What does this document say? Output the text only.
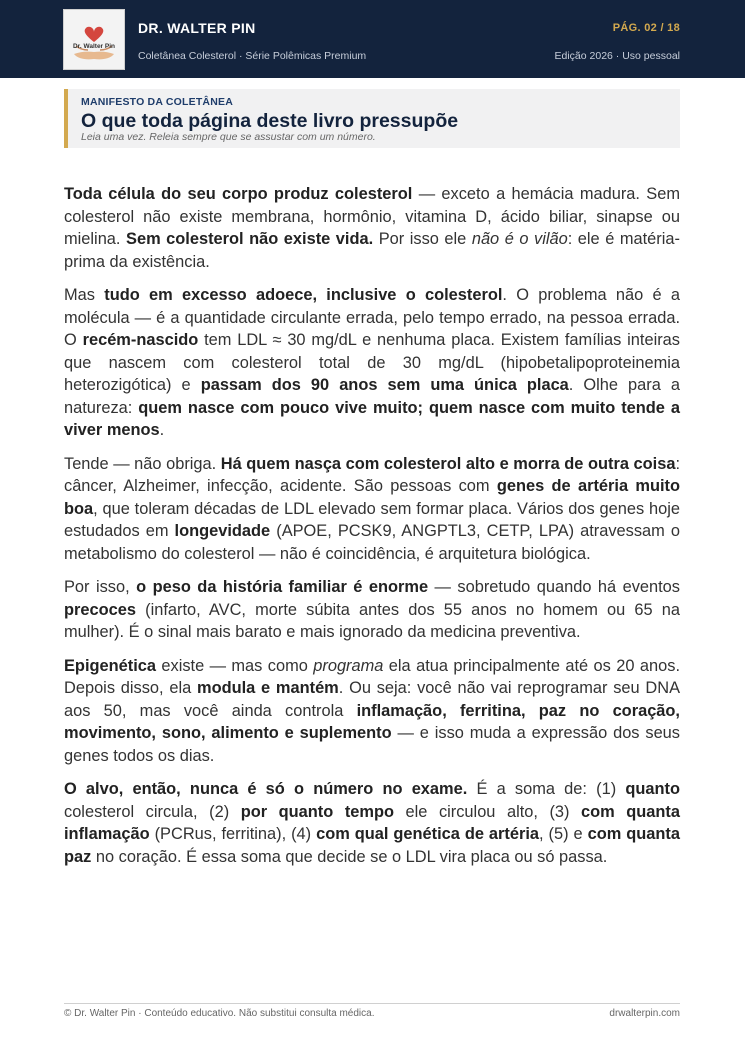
Dr. Walter Pin
DR. WALTER PIN
Coletânea Colesterol · Série Polêmicas Premium
PÁG. 02 / 18
Edição 2026 · Uso pessoal
MANIFESTO DA COLETÂNEA
O que toda página deste livro pressupõe
Leia uma vez. Releia sempre que se assustar com um número.

Toda célula do seu corpo produz colesterol — exceto a hemácia madura. Sem colesterol não existe membrana, hormônio, vitamina D, ácido biliar, sinapse ou mielina. Sem colesterol não existe vida. Por isso ele não é o vilão: ele é matéria-prima da existência.

Mas tudo em excesso adoece, inclusive o colesterol. O problema não é a molécula — é a quantidade circulante errada, pelo tempo errado, na pessoa errada. O recém-nascido tem LDL ≈ 30 mg/dL e nenhuma placa. Existem famílias inteiras que nascem com colesterol total de 30 mg/dL (hipobetalipoproteinemia heterozigótica) e passam dos 90 anos sem uma única placa. Olhe para a natureza: quem nasce com pouco vive muito; quem nasce com muito tende a viver menos.

Tende — não obriga. Há quem nasça com colesterol alto e morra de outra coisa: câncer, Alzheimer, infecção, acidente. São pessoas com genes de artéria muito boa, que toleram décadas de LDL elevado sem formar placa. Vários dos genes hoje estudados em longevidade (APOE, PCSK9, ANGPTL3, CETP, LPA) atravessam o metabolismo do colesterol — não é coincidência, é arquitetura biológica.

Por isso, o peso da história familiar é enorme — sobretudo quando há eventos precoces (infarto, AVC, morte súbita antes dos 55 anos no homem ou 65 na mulher). É o sinal mais barato e mais ignorado da medicina preventiva.

Epigenética existe — mas como programa ela atua principalmente até os 20 anos. Depois disso, ela modula e mantém. Ou seja: você não vai reprogramar seu DNA aos 50, mas você ainda controla inflamação, ferritina, paz no coração, movimento, sono, alimento e suplemento — e isso muda a expressão dos seus genes todos os dias.

O alvo, então, nunca é só o número no exame. É a soma de: (1) quanto colesterol circula, (2) por quanto tempo ele circulou alto, (3) com quanta inflamação (PCRus, ferritina), (4) com qual genética de artéria, (5) e com quanta paz no coração. É essa soma que decide se o LDL vira placa ou só passa.

© Dr. Walter Pin · Conteúdo educativo. Não substitui consulta médica.	drwalterpin.com
